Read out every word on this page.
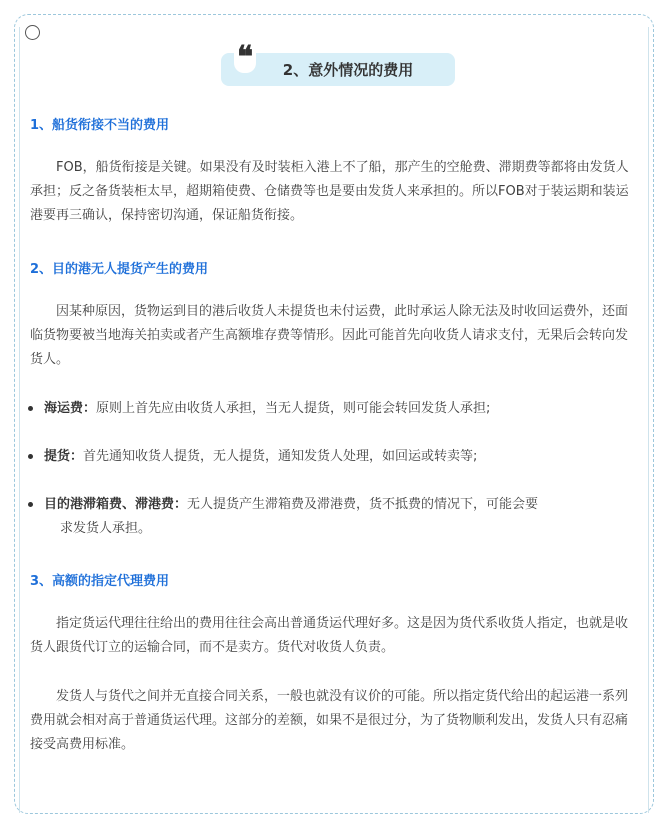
❝	2、意外情况的费用
1、船货衔接不当的费用
FOB，船货衔接是关键。如果没有及时装柜入港上不了船，那产生的空舱费、滞期费等都将由发货人承担；反之备货装柜太早，超期箱使费、仓储费等也是要由发货人来承担的。所以FOB对于装运期和装运港要再三确认，保持密切沟通，保证船货衔接。
2、目的港无人提货产生的费用
因某种原因，货物运到目的港后收货人未提货也未付运费，此时承运人除无法及时收回运费外，还面临货物要被当地海关拍卖或者产生高额堆存费等情形。因此可能首先向收货人请求支付，无果后会转向发货人。
海运费：原则上首先应由收货人承担，当无人提货，则可能会转回发货人承担;
提货：首先通知收货人提货，无人提货，通知发货人处理，如回运或转卖等;
目的港滞箱费、滞港费：无人提货产生滞箱费及滞港费，货不抵费的情况下，可能会要
求发货人承担。
3、高额的指定代理费用
指定货运代理往往给出的费用往往会高出普通货运代理好多。这是因为货代系收货人指定，也就是收货人跟货代订立的运输合同，而不是卖方。货代对收货人负责。
发货人与货代之间并无直接合同关系，一般也就没有议价的可能。所以指定货代给出的起运港一系列费用就会相对高于普通货运代理。这部分的差额，如果不是很过分，为了货物顺利发出，发货人只有忍痛接受高费用标准。
